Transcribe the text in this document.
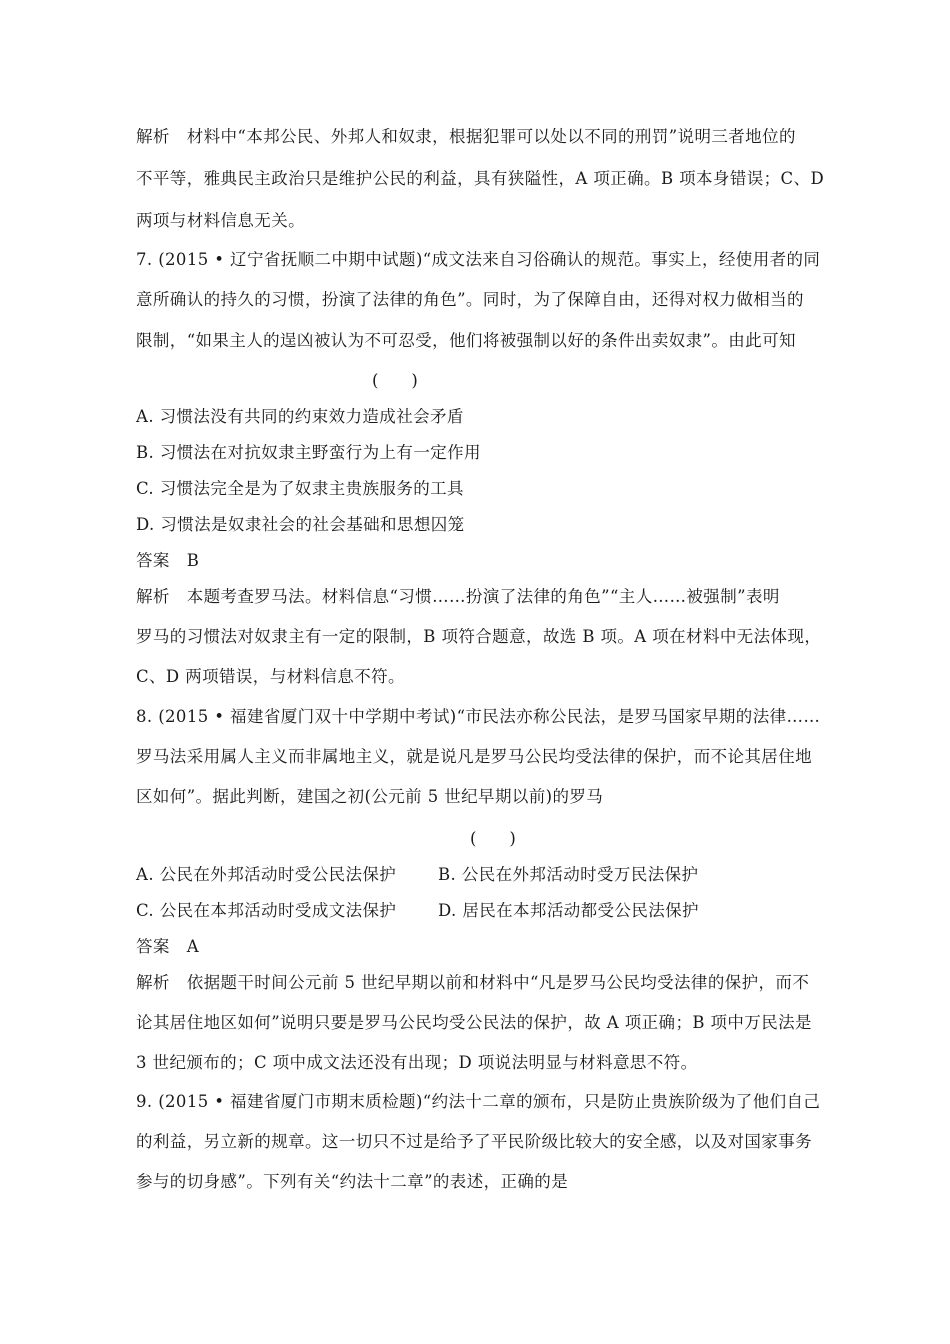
解析　材料中“本邦公民、外邦人和奴隶，根据犯罪可以处以不同的刑罚”说明三者地位的
不平等，雅典民主政治只是维护公民的利益，具有狭隘性，A 项正确。B 项本身错误；C、D
两项与材料信息无关。
7. (2015 • 辽宁省抚顺二中期中试题)“成文法来自习俗确认的规范。事实上，经使用者的同
意所确认的持久的习惯，扮演了法律的角色”。同时，为了保障自由，还得对权力做相当的
限制，“如果主人的逞凶被认为不可忍受，他们将被强制以好的条件出卖奴隶”。由此可知
(　　)
A. 习惯法没有共同的约束效力造成社会矛盾
B. 习惯法在对抗奴隶主野蛮行为上有一定作用
C. 习惯法完全是为了奴隶主贵族服务的工具
D. 习惯法是奴隶社会的社会基础和思想囚笼
答案　B
解析　本题考查罗马法。材料信息“习惯……扮演了法律的角色”“主人……被强制”表明
罗马的习惯法对奴隶主有一定的限制，B 项符合题意，故选 B 项。A 项在材料中无法体现，
C、D 两项错误，与材料信息不符。
8. (2015 • 福建省厦门双十中学期中考试)“市民法亦称公民法，是罗马国家早期的法律……
罗马法采用属人主义而非属地主义，就是说凡是罗马公民均受法律的保护，而不论其居住地
区如何”。据此判断，建国之初(公元前 5 世纪早期以前)的罗马
(　　)
A. 公民在外邦活动时受公民法保护	B. 公民在外邦活动时受万民法保护
C. 公民在本邦活动时受成文法保护	D. 居民在本邦活动都受公民法保护
答案　A
解析　依据题干时间公元前 5 世纪早期以前和材料中“凡是罗马公民均受法律的保护，而不
论其居住地区如何”说明只要是罗马公民均受公民法的保护，故 A 项正确；B 项中万民法是
3 世纪颁布的；C 项中成文法还没有出现；D 项说法明显与材料意思不符。
9. (2015 • 福建省厦门市期末质检题)“约法十二章的颁布，只是防止贵族阶级为了他们自己
的利益，另立新的规章。这一切只不过是给予了平民阶级比较大的安全感，以及对国家事务
参与的切身感”。下列有关“约法十二章”的表述，正确的是
